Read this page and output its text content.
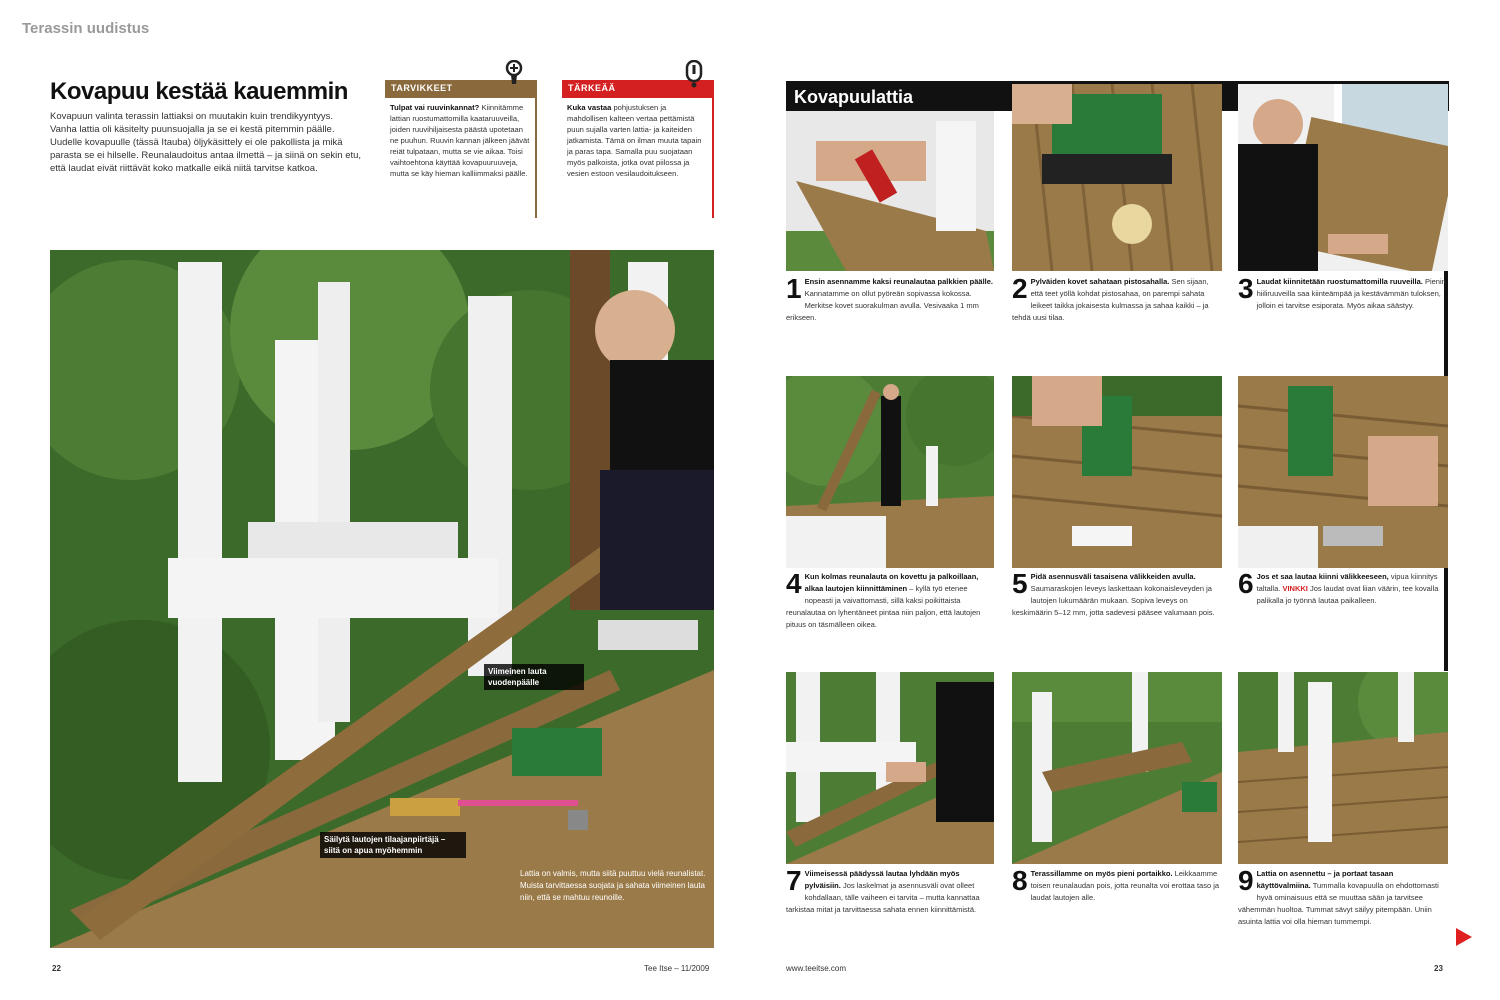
Terassin uudistus
Kovapuu kestää kauemmin

Kovapuun valinta terassin lattiaksi on muutakin kuin trendikyyntyys. Vanha lattia oli käsitelty puunsuojalla ja se ei kestä pitemmin päälle. Uudelle kovapuulle (tässä Itauba) öljykäsittely ei ole pakollista ja mikä parasta se ei hilselle. Reunalaudoitus antaa ilmettä – ja siinä on sekin etu, että laudat eivät riittävät koko matkalle eikä niitä tarvitse katkoa.

TARVIKKEET
Tulpat vai ruuvinkannat? Kiinnitämme lattian ruostumattomilla kaataruuveilla, joiden ruuvihiljaisesta päästä upotetaan ne puuhun. Ruuvin kannan jälkeen jäävät reiät tulpataan, mutta se vie aikaa. Toisi vaihtoehtona käyttää kovapuuruuveja, mutta se käy hieman kalliimmaksi päälle.
TÄRKEÄÄ
Kuka vastaa pohjustuksen ja mahdollisen kalteen vertaa pettämistä puun sujalla varten lattia- ja kaiteiden jatkamista. Tämä on ilman muuta tapain ja paras tapa. Samalla puu suojataan myös palkoista, jotka ovat piilossa ja vesien estoon vesilaudoitukseen.
Viimeinen lauta vuodenpäälle
Säilytä lautojen tilaajanpiirtäjä – siitä on apua myöhemmin
Lattia on valmis, mutta siitä puuttuu vielä reunalistat. Muista tarvittaessa suojata ja sahata viimeinen lauta niin, että se mahtuu reunoille.
Kovapuulattia
1 Ensin asennamme kaksi reunalautaa palkkien päälle. Kannatamme on ollut pyöreän sopivassa kokossa. Merkitse kovet suorakulman avulla. Vesivaaka 1 mm erikseen.
2 Pylväiden kovet sahataan pistosahalla. Sen sijaan, että teet yöllä kohdat pistosahaa, on parempi sahata leikeet taikka jokaisesta kulmassa ja sahaa kaikki – ja tehdä uusi tilaa.
3 Laudat kiinnitetään ruostumattomilla ruuveilla. Pienin hiiliruuveilla saa kiinteämpää ja kestävämmän tuloksen, jolloin ei tarvitse esiporata. Myös aikaa säästyy.
4 Kun kolmas reunalauta on kovettu ja palkoillaan, alkaa lautojen kiinnittäminen – kyllä työ etenee nopeasti ja vaivattomasti, sillä kaksi poikittaista reunalautaa on lyhentäneet pintaa niin paljon, että lautojen pituus on täsmälleen oikea.
5 Pidä asennusväli tasaisena välikkeiden avulla. Saumaraskojen leveys laskettaan kokonaisleveyden ja lautojen lukumäärän mukaan. Sopiva leveys on keskimäärin 5–12 mm, jotta sadevesi pääsee valumaan pois.
6 Jos et saa lautaa kiinni välikkeeseen, vipua kiinnitys taltalla. VINKKI Jos laudat ovat liian väärin, tee kovalla palikalla jo työnnä lautaa paikalleen.
7 Viimeisessä päädyssä lautaa lyhdään myös pylväisiin. Jos laskelmat ja asennusväli ovat olleet kohdallaan, tälle vaiheen ei tarvita – mutta kannattaa tarkistaa mitat ja tarvittaessa sahata ennen kiinnittämistä.
8 Terassillamme on myös pieni portaikko. Leikkaamme toisen reunalaudan pois, jotta reunalta voi erottaa taso ja laudat lautojen alle.
9 Lattia on asennettu – ja portaat tasaan käyttövalmiina. Tummalla kovapuulla on ehdottomasti hyvä ominaisuus että se muuttaa sään ja tarvitsee vähemmän huoltoa. Tummat sävyt säilyy pitempään. Uniin asuinta lattia voi olla hieman tummempi.
22	Tee Itse – 11/2009	www.teeitse.com	23
